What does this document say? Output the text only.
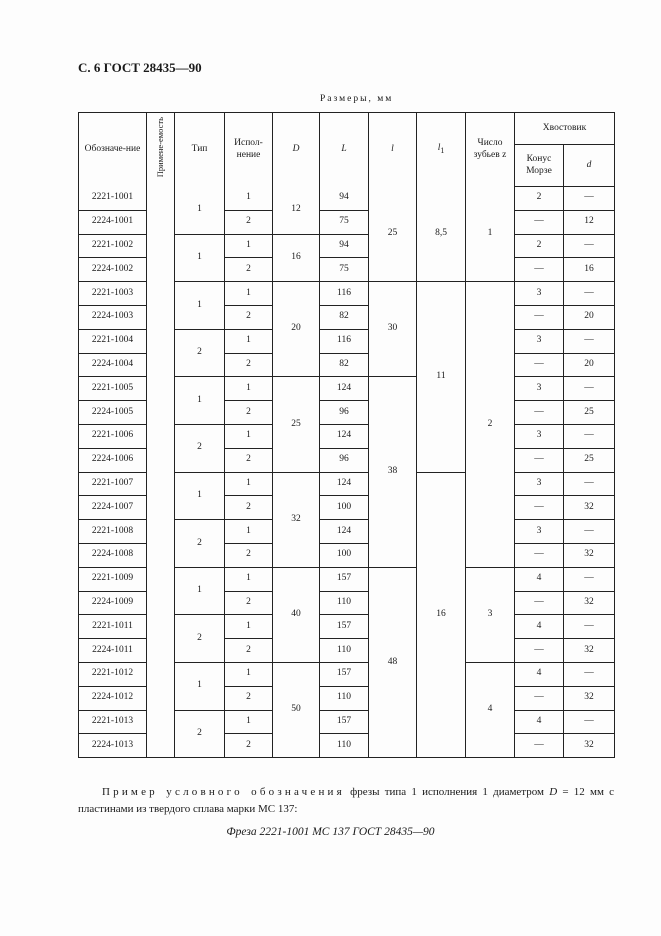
С. 6 ГОСТ 28435—90
Размеры, мм
Обозначе-ние	Примене-емость	Тип	Испол-нение	D	L	l	$l_1$	Число зубьев z	Хвостовик	
									Конус Морзе	d
2221-1001		1	1	12	94	25	8,5	1	2	—
2224-1001			2		75				—	12
2221-1002		1	1	16	94				2	—
2224-1002			2		75				—	16
2221-1003		1	1	20	116	30	11	2	3	—
2224-1003			2		82				—	20
2221-1004		2	1		116				3	—
2224-1004			2		82				—	20
2221-1005		1	1	25	124	38			3	—
2224-1005			2		96				—	25
2221-1006		2	1		124				3	—
2224-1006			2		96				—	25
2221-1007		1	1	32	124		16		3	—
2224-1007			2		100				—	32
2221-1008		2	1		124				3	—
2224-1008			2		100				—	32
2221-1009		1	1	40	157	48		3	4	—
2224-1009			2		110				—	32
2221-1011		2	1		157				4	—
2224-1011			2		110				—	32
2221-1012		1	1	50	157			4	4	—
2224-1012			2		110				—	32
2221-1013		2	1		157				4	—
2224-1013			2		110				—	32
Пример условного обозначения фрезы типа 1 исполнения 1 диаметром D = 12 мм с пластинами из твердого сплава марки МС 137:
Фреза 2221-1001 МС 137 ГОСТ 28435—90
